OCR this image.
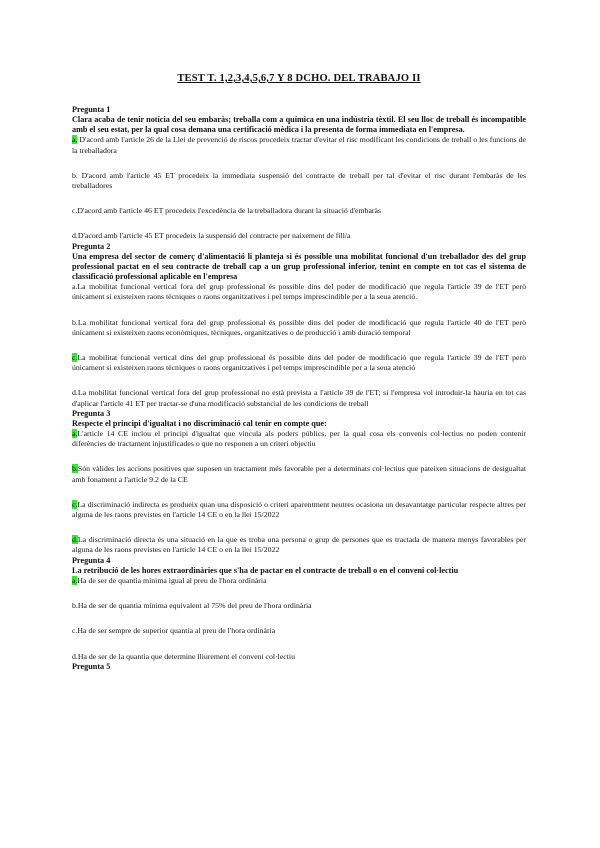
TEST T. 1,2,3,4,5,6,7 Y 8 DCHO. DEL TRABAJO II

Pregunta 1

Clara acaba de tenir notícia del seu embaràs; treballa com a química en una indústria tèxtil. El seu lloc de treball és incompatible amb el seu estat, per la qual cosa demana una certificació mèdica i la presenta de forma immediata en l'empresa.

a. D'acord amb l'article 26 de la Llei de prevenció de riscos procedeix tractar d'evitar el risc modificant les condicions de treball o les funcions de la treballadora

b. D'acord amb l'article 45 ET procedeix la immediata suspensió del contracte de treball per tal d'evitar el risc durant l'embaràs de les treballadores

c.D'acord amb l'article 46 ET procedeix l'excedència de la treballadora durant la situació d'embaràs

d.D'acord amb l'article 45 ET procedeix la suspensió del contracte per naixement de fill/a

Pregunta 2

Una empresa del sector de comerç d'alimentació li planteja si és possible una mobilitat funcional d'un treballador des del grup professional pactat en el seu contracte de treball cap a un grup professional inferior, tenint en compte en tot cas el sistema de classificació professional aplicable en l'empresa

a.La mobilitat funcional vertical fora del grup professional és possible dins del poder de modificació que regula l'article 39 de l'ET però únicament si existeixen raons tècniques o raons organitzatives i pel temps imprescindible per a la seua atenció.

b.La mobilitat funcional vertical fora del grup professional és possible dins del poder de modificació que regula l'article 40 de l'ET però únicament si existeixen raons econòmiques, tècniques, organitzatives o de producció i amb duració temporal

c.La mobilitat funcional vertical dins del grup professional és possible dins del poder de modificació que regula l'article 39 de l'ET però únicament si existeixen raons tècniques o raons organitzatives i pel temps imprescindible per a la seua atenció

d.La mobilitat funcional vertical fora del grup professional no està prevista a l'article 39 de l'ET; si l'empresa vol introduir-la hauria en tot cas d'aplicar l'article 41 ET per tractar-se d'una modificació substancial de les condicions de treball

Pregunta 3

Respecte el principi d'igualtat i no discriminació cal tenir en compte que:

a.L'article 14 CE inclou el principi d'igualtat que vincula als poders públics, per la qual cosa els convenis col·lectius no poden contenir diferències de tractament injustificades o que no responen a un criteri objectiu

b.Són vàlides les accions positives que suposen un tractament més favorable per a determinats col·lectius que pateixen situacions de desigualtat amb fonament a l'article 9.2 de la CE

c.La discriminació indirecta es produeix quan una disposició o criteri aparentment neutres ocasiona un desavantatge particular respecte altres per alguna de les raons previstes en l'article 14 CE o en la llei 15/2022

d.La discriminació directa és una situació en la que es troba una persona o grup de persones que es tractada de manera menys favorables per alguna de les raons previstes en l'article 14 CE o en la llei 15/2022

Pregunta 4

La retribució de les hores extraordinàries que s'ha de pactar en el contracte de treball o en el conveni col·lectiu

a.Ha de ser de quantia mínima igual al preu de l'hora ordinària

b.Ha de ser de quantia mínima equivalent al 75% del preu de l'hora ordinària

c.Ha de ser sempre de superior quantia al preu de l'hora ordinària

d.Ha de ser de la quantia que determine lliurement el conveni col·lectiu

Pregunta 5
